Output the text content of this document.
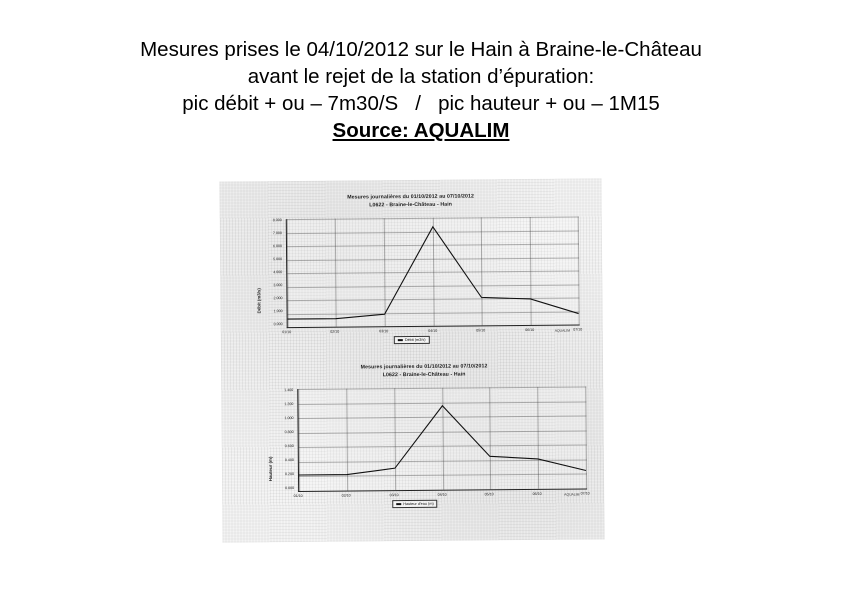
Mesures prises le 04/10/2012 sur le Hain à Braine-le-Château
avant le rejet de la station d’épuration:
pic débit + ou – 7m30/S   /   pic hauteur + ou – 1M15
Source: AQUALIM
Mesures journalières du 01/10/2012 au 07/10/2012
L0622 - Braine-le-Château - Hain
Débit (m3/s)
8.000
7.000
6.000
5.000
4.000
3.000
2.000
1.000
0.000
01/10	02/10	03/10	04/10	05/10	06/10	07/10
Débit (m3/s)
AQUALIM
Mesures journalières du 01/10/2012 au 07/10/2012
L0622 - Braine-le-Château - Hain
Hauteur (m)
1.400
1.200
1.000
0.800
0.600
0.400
0.200
0.000
01/10	02/10	03/10	04/10	05/10	06/10	07/10
Hauteur d'eau (m)
AQUALIM
